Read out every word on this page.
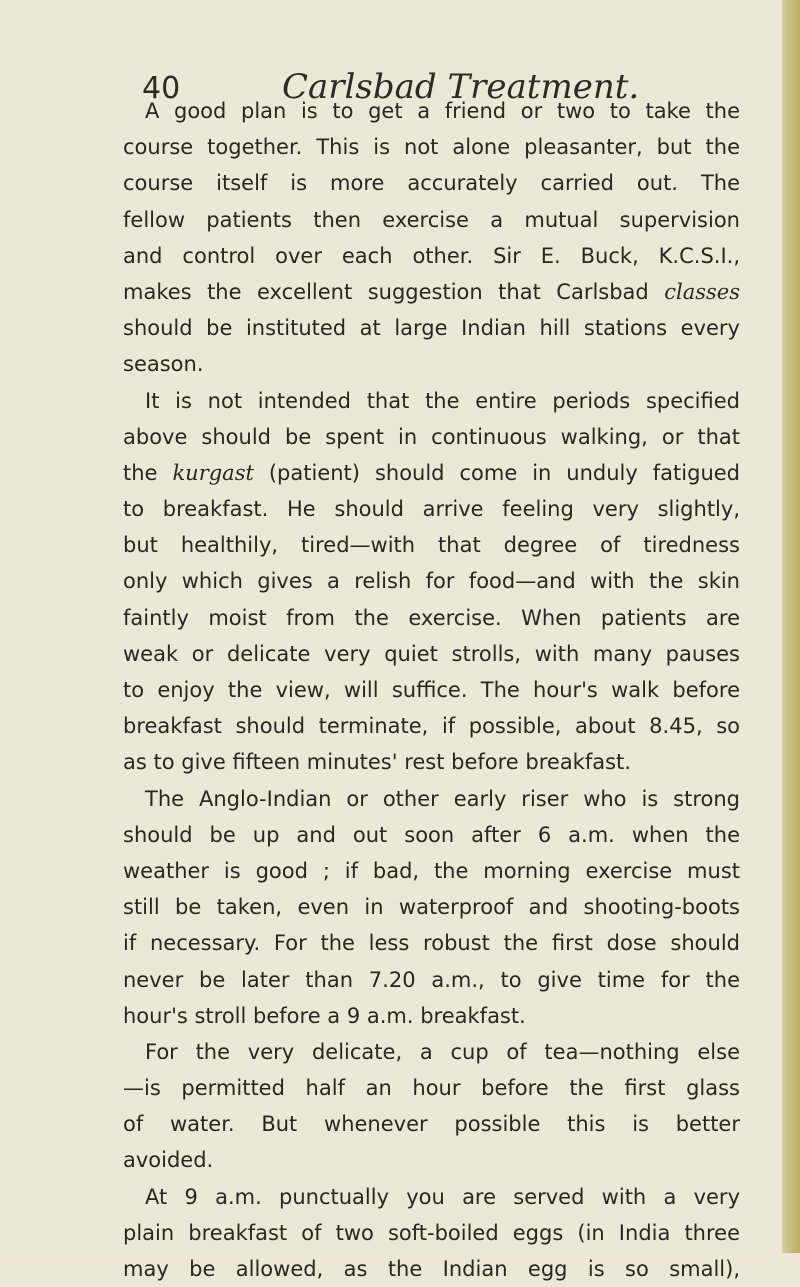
40	Carlsbad Treatment.
A good plan is to get a friend or two to take the
course together. This is not alone pleasanter, but the
course itself is more accurately carried out. The
fellow patients then exercise a mutual supervision
and control over each other. Sir E. Buck, K.C.S.I.,
makes the excellent suggestion that Carlsbad classes
should be instituted at large Indian hill stations every
season.
It is not intended that the entire periods specified
above should be spent in continuous walking, or that
the kurgast (patient) should come in unduly fatigued
to breakfast. He should arrive feeling very slightly,
but healthily, tired—with that degree of tiredness
only which gives a relish for food—and with the skin
faintly moist from the exercise. When patients are
weak or delicate very quiet strolls, with many pauses
to enjoy the view, will suffice. The hour's walk before
breakfast should terminate, if possible, about 8.45, so
as to give fifteen minutes' rest before breakfast.
The Anglo-Indian or other early riser who is strong
should be up and out soon after 6 a.m. when the
weather is good ; if bad, the morning exercise must
still be taken, even in waterproof and shooting-boots
if necessary. For the less robust the first dose should
never be later than 7.20 a.m., to give time for the
hour's stroll before a 9 a.m. breakfast.
For the very delicate, a cup of tea—nothing else
—is permitted half an hour before the first glass
of water. But whenever possible this is better
avoided.
At 9 a.m. punctually you are served with a very
plain breakfast of two soft-boiled eggs (in India three
may be allowed, as the Indian egg is so small),
